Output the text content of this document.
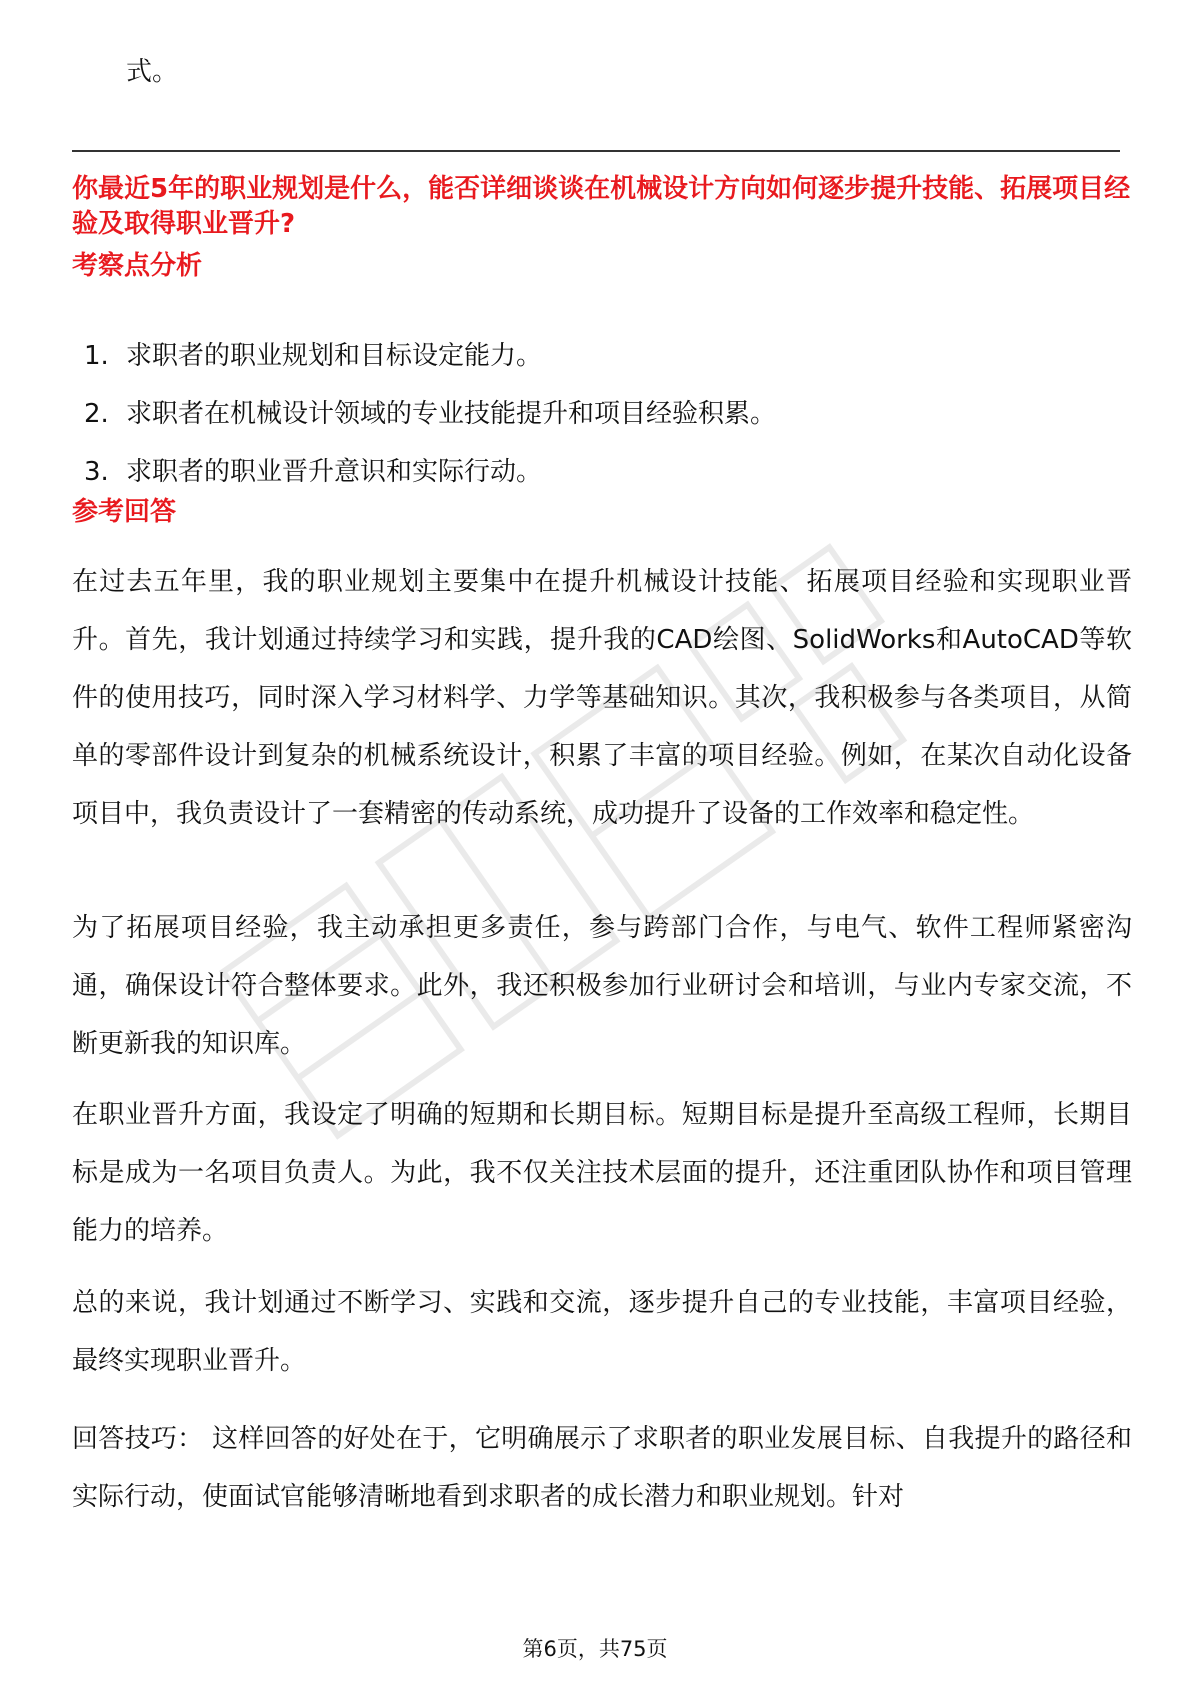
式。
你最近5年的职业规划是什么，能否详细谈谈在机械设计方向如何逐步提升技能、拓展项目经验及取得职业晋升?
考察点分析
1. 求职者的职业规划和目标设定能力。
2. 求职者在机械设计领域的专业技能提升和项目经验积累。
3. 求职者的职业晋升意识和实际行动。
参考回答

在过去五年里，我的职业规划主要集中在提升机械设计技能、拓展项目经验和实现职业晋升。首先，我计划通过持续学习和实践，提升我的CAD绘图、SolidWorks和AutoCAD等软件的使用技巧，同时深入学习材料学、力学等基础知识。其次，我积极参与各类项目，从简单的零部件设计到复杂的机械系统设计，积累了丰富的项目经验。例如，在某次自动化设备项目中，我负责设计了一套精密的传动系统，成功提升了设备的工作效率和稳定性。

为了拓展项目经验，我主动承担更多责任，参与跨部门合作，与电气、软件工程师紧密沟通，确保设计符合整体要求。此外，我还积极参加行业研讨会和培训，与业内专家交流，不断更新我的知识库。

在职业晋升方面，我设定了明确的短期和长期目标。短期目标是提升至高级工程师，长期目标是成为一名项目负责人。为此，我不仅关注技术层面的提升，还注重团队协作和项目管理能力的培养。

总的来说，我计划通过不断学习、实践和交流，逐步提升自己的专业技能，丰富项目经验，最终实现职业晋升。

回答技巧： 这样回答的好处在于，它明确展示了求职者的职业发展目标、自我提升的路径和实际行动，使面试官能够清晰地看到求职者的成长潜力和职业规划。针对

第6页，共75页
